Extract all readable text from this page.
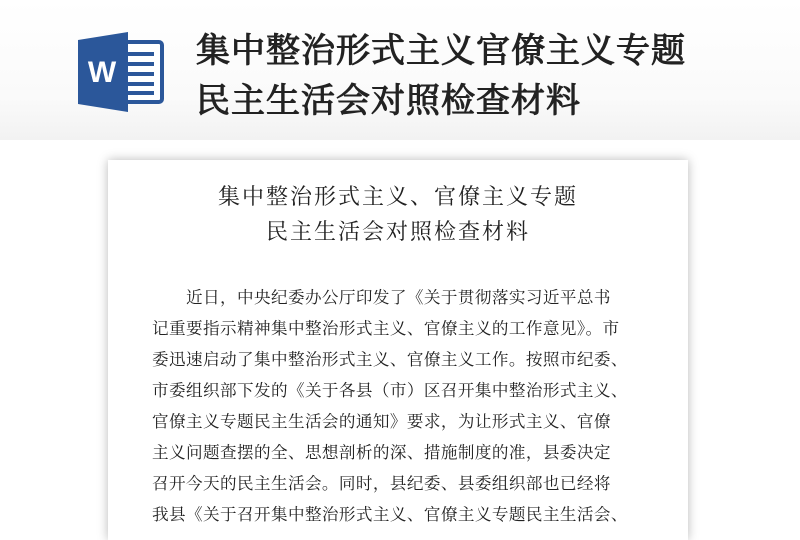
W
集中整治形式主义官僚主义专题
民主生活会对照检查材料
集中整治形式主义、官僚主义专题
民主生活会对照检查材料
　　近日，中央纪委办公厅印发了《关于贯彻落实习近平总书
记重要指示精神集中整治形式主义、官僚主义的工作意见》。市
委迅速启动了集中整治形式主义、官僚主义工作。按照市纪委、
市委组织部下发的《关于各县（市）区召开集中整治形式主义、
官僚主义专题民主生活会的通知》要求，为让形式主义、官僚
主义问题查摆的全、思想剖析的深、措施制度的准，县委决定
召开今天的民主生活会。同时，县纪委、县委组织部也已经将
我县《关于召开集中整治形式主义、官僚主义专题民主生活会、
